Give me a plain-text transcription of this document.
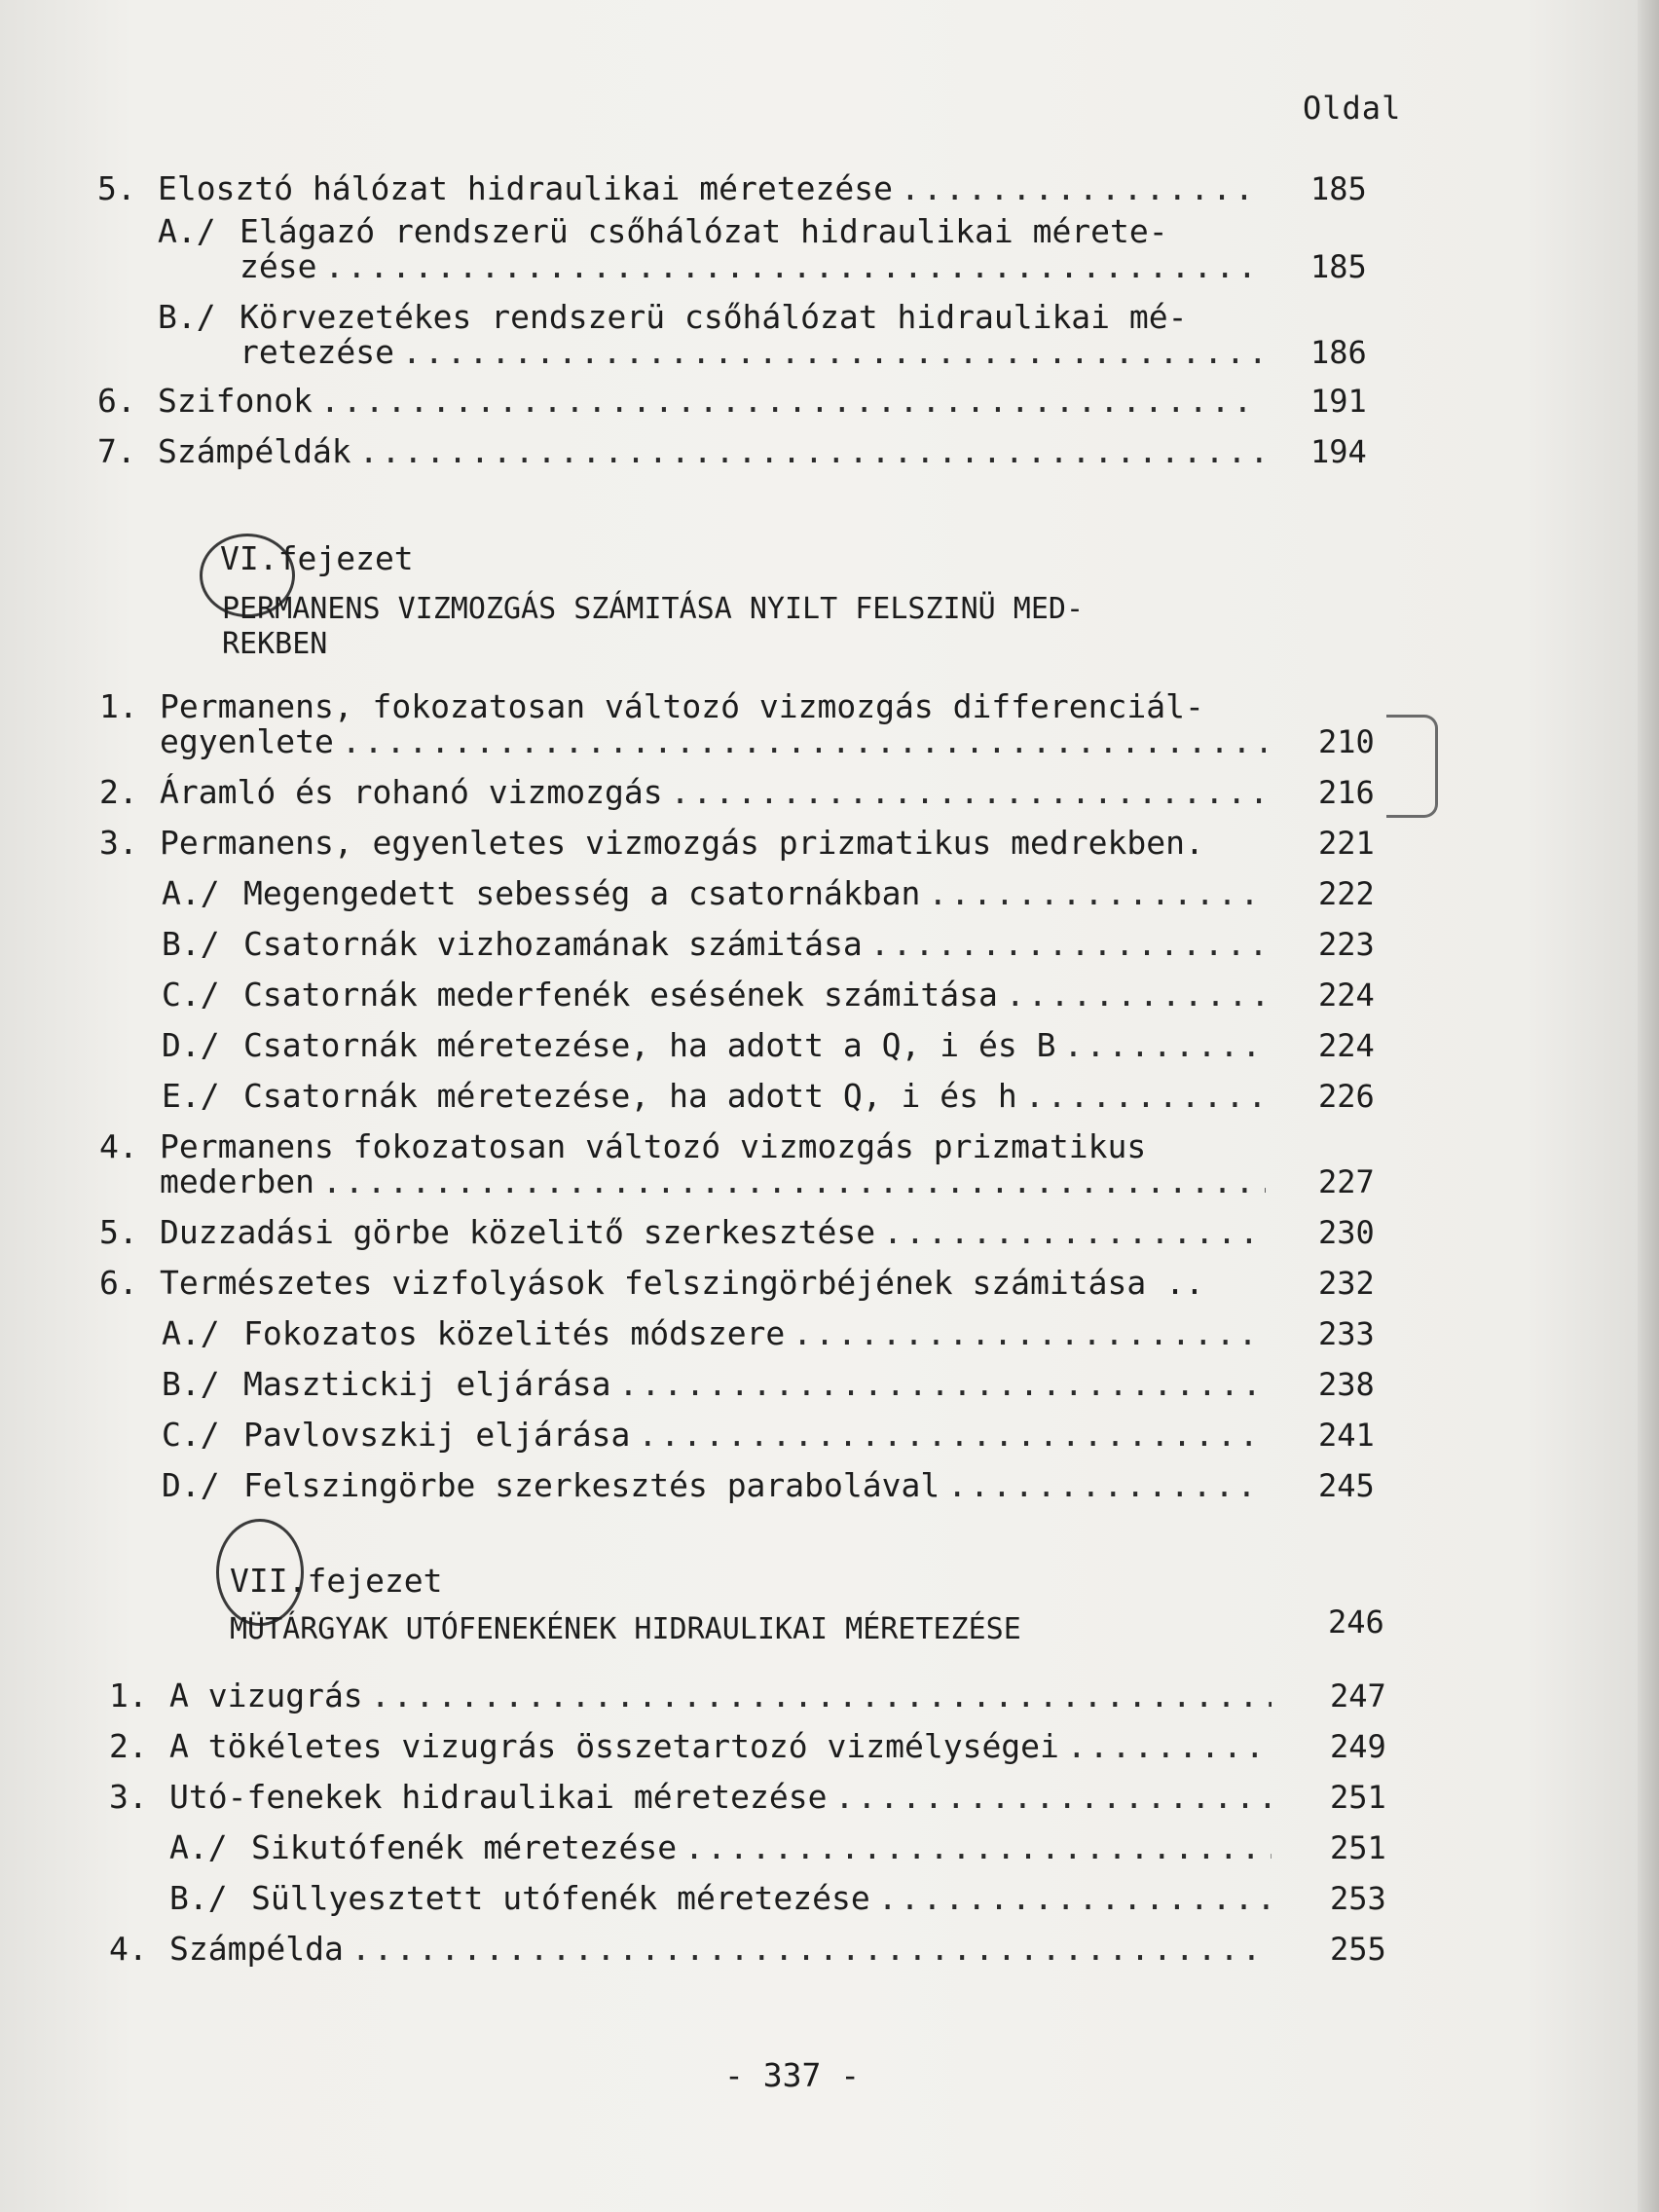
Oldal
5. Elosztó hálózat hidraulikai méretezése .....	185
A./ Elágazó rendszerü csőhálózat hidraulikai mérete-
zése .....	185
B./ Körvezetékes rendszerü csőhálózat hidraulikai mé-
retezése .....	186
6. Szifonok .....	191
7. Számpéldák .....	194
1. Permanens, fokozatosan változó vizmozgás differenciál-
egyenlete .....	210
2. Áramló és rohanó vizmozgás .....	216
3. Permanens, egyenletes vizmozgás prizmatikus medrekben.	221
A./ Megengedett sebesség a csatornákban .....	222
B./ Csatornák vizhozamának számitása .....	223
C./ Csatornák mederfenék esésének számitása .....	224
D./ Csatornák méretezése, ha adott a Q, i és B .....	224
E./ Csatornák méretezése, ha adott Q, i és h .....	226
4. Permanens fokozatosan változó vizmozgás prizmatikus
mederben .....	227
5. Duzzadási görbe közelitő szerkesztése .....	230
6. Természetes vizfolyások felszingörbéjének számitása ..	232
A./ Fokozatos közelités módszere .....	233
B./ Masztickij eljárása .....	238
C./ Pavlovszkij eljárása .....	241
D./ Felszingörbe szerkesztés parabolával .....	245
1. A vizugrás .....	247
2. A tökéletes vizugrás összetartozó vizmélységei .....	249
3. Utó-fenekek hidraulikai méretezése .....	251
A./ Sikutófenék méretezése .....	251
B./ Süllyesztett utófenék méretezése .....	253
4. Számpélda .....	255
VI.fejezet
PERMANENS VIZMOZGÁS SZÁMITÁSA NYILT FELSZINÜ MED-
REKBEN
VII.fejezet
MÜTÁRGYAK UTÓFENEKÉNEK HIDRAULIKAI MÉRETEZÉSE	246
- 337 -
